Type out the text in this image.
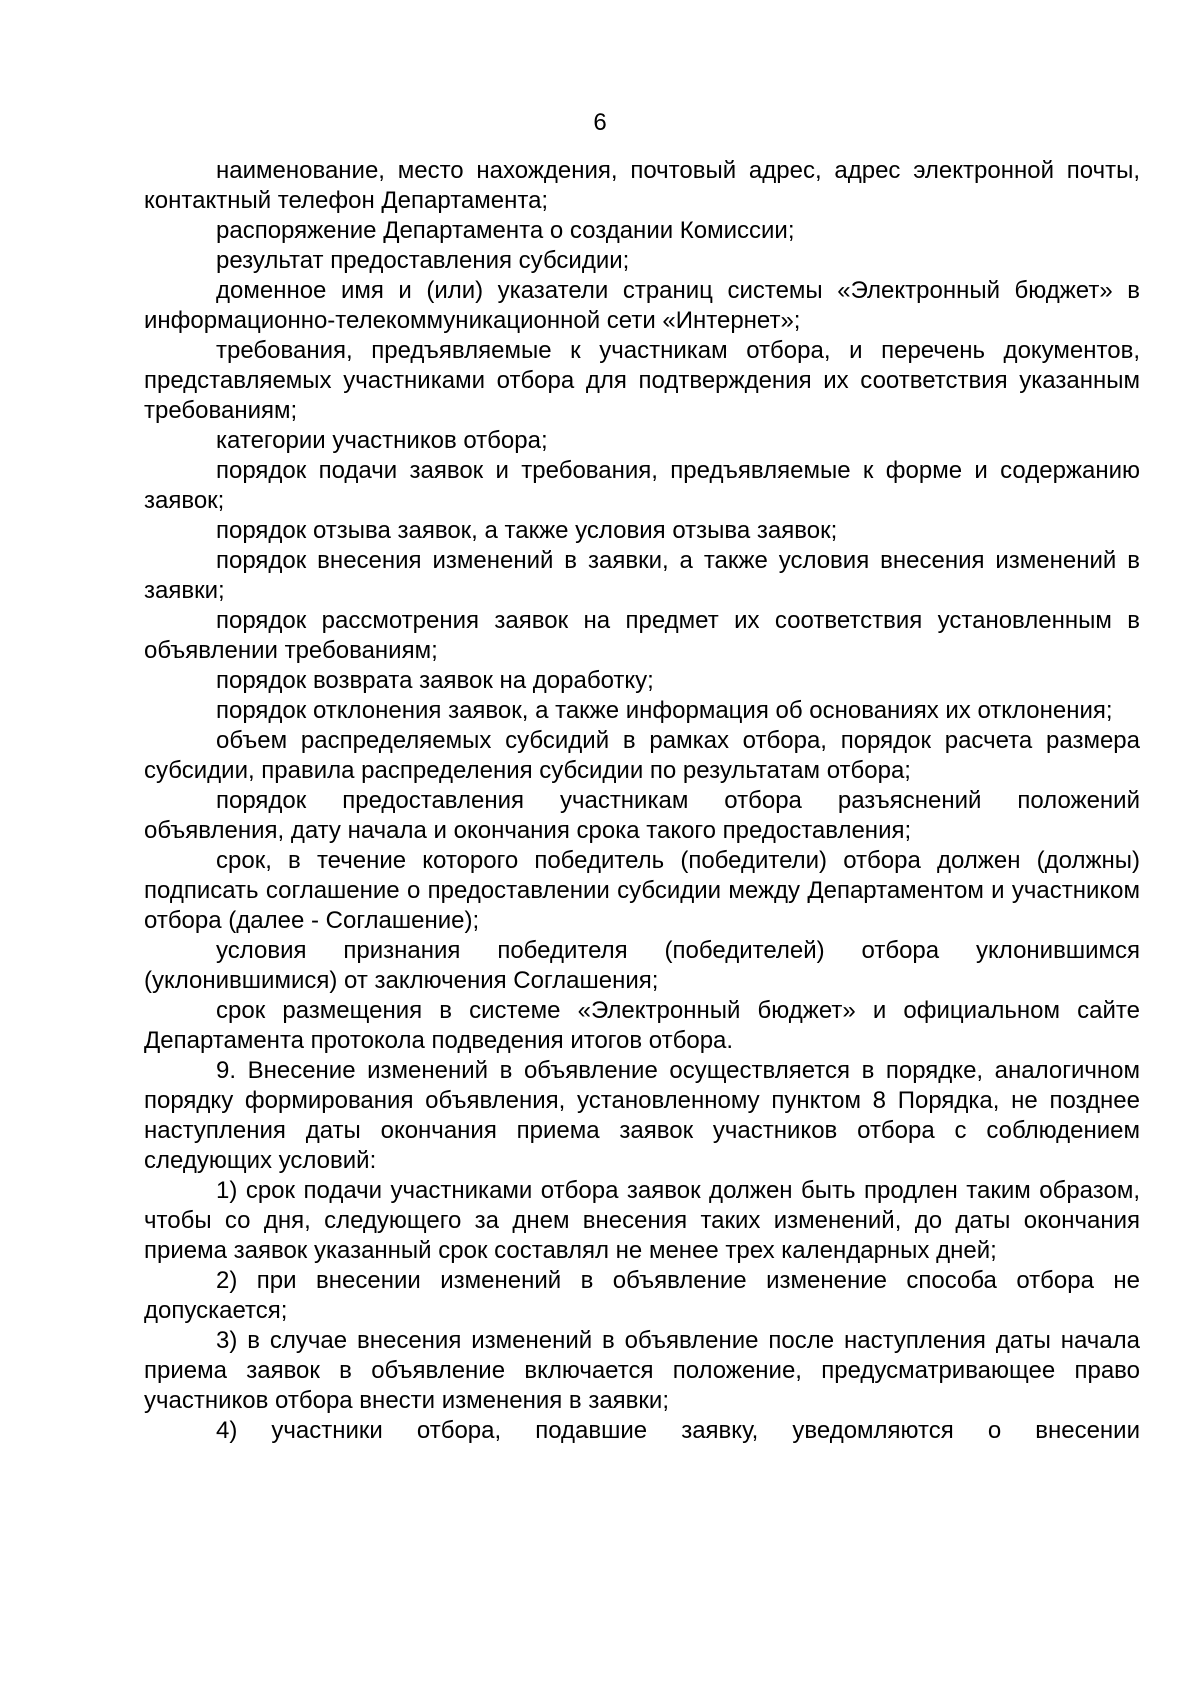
6

наименование, место нахождения, почтовый адрес, адрес электронной почты, контактный телефон Департамента;

распоряжение Департамента о создании Комиссии;

результат предоставления субсидии;

доменное имя и (или) указатели страниц системы «Электронный бюджет» в информационно-телекоммуникационной сети «Интернет»;

требования, предъявляемые к участникам отбора, и перечень документов, представляемых участниками отбора для подтверждения их соответствия указанным требованиям;

категории участников отбора;

порядок подачи заявок и требования, предъявляемые к форме и содержанию заявок;

порядок отзыва заявок, а также условия отзыва заявок;

порядок внесения изменений в заявки, а также условия внесения изменений в заявки;

порядок рассмотрения заявок на предмет их соответствия установленным в объявлении требованиям;

порядок возврата заявок на доработку;

порядок отклонения заявок, а также информация об основаниях их отклонения;

объем распределяемых субсидий в рамках отбора, порядок расчета размера субсидии, правила распределения субсидии по результатам отбора;

порядок предоставления участникам отбора разъяснений положений объявления, дату начала и окончания срока такого предоставления;

срок, в течение которого победитель (победители) отбора должен (должны) подписать соглашение о предоставлении субсидии между Департаментом и участником отбора (далее - Соглашение);

условия признания победителя (победителей) отбора уклонившимся (уклонившимися) от заключения Соглашения;

срок размещения в системе «Электронный бюджет» и официальном сайте Департамента протокола подведения итогов отбора.

9. Внесение изменений в объявление осуществляется в порядке, аналогичном порядку формирования объявления, установленному пунктом 8 Порядка, не позднее наступления даты окончания приема заявок участников отбора с соблюдением следующих условий:

1) срок подачи участниками отбора заявок должен быть продлен таким образом, чтобы со дня, следующего за днем внесения таких изменений, до даты окончания приема заявок указанный срок составлял не менее трех календарных дней;

2) при внесении изменений в объявление изменение способа отбора не допускается;

3) в случае внесения изменений в объявление после наступления даты начала приема заявок в объявление включается положение, предусматривающее право участников отбора внести изменения в заявки;

4) участники отбора, подавшие заявку, уведомляются о внесении
